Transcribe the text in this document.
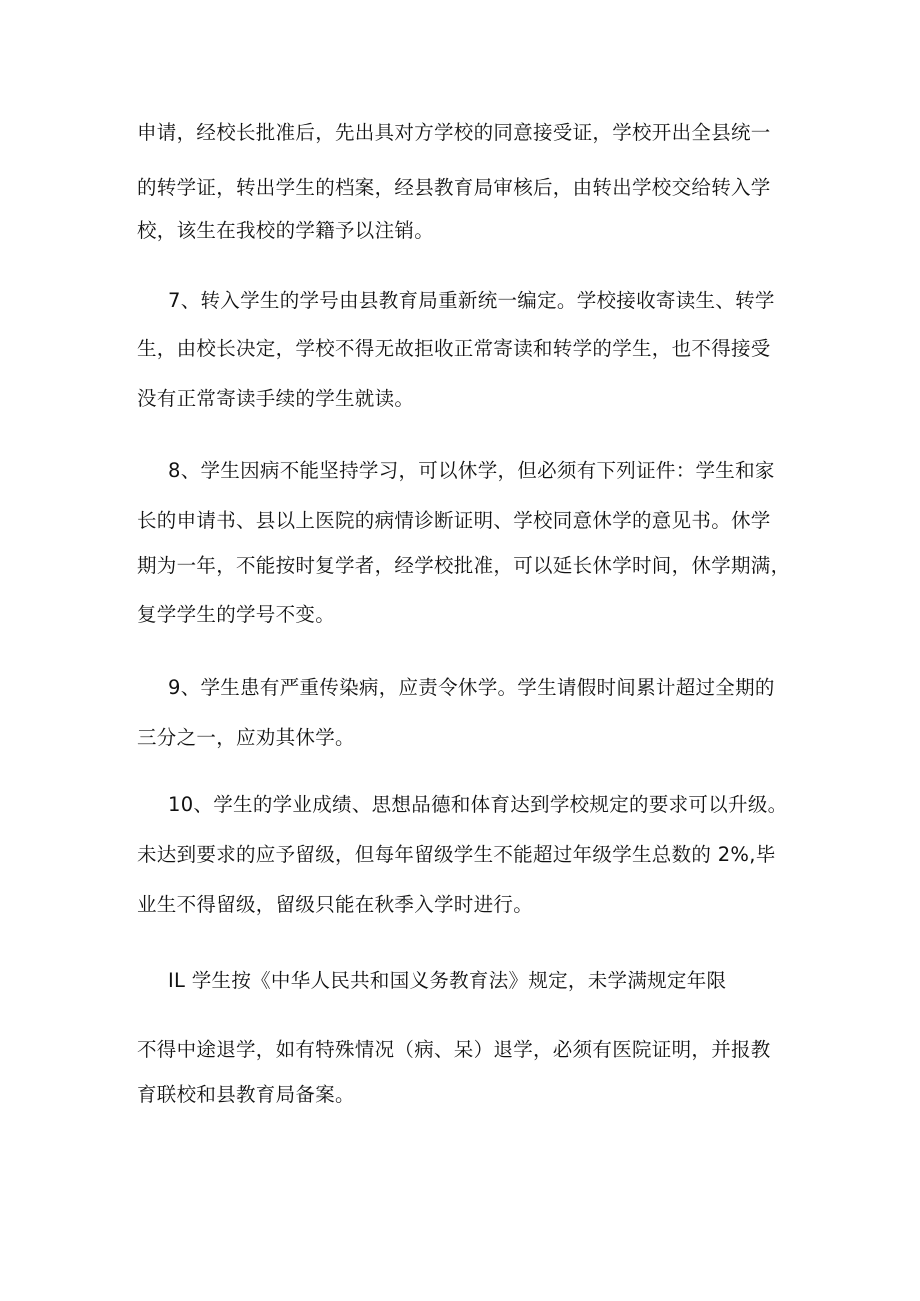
申请，经校长批准后，先出具对方学校的同意接受证，学校开出全县统一
的转学证，转出学生的档案，经县教育局审核后，由转出学校交给转入学
校，该生在我校的学籍予以注销。
7、转入学生的学号由县教育局重新统一编定。学校接收寄读生、转学
生，由校长决定，学校不得无故拒收正常寄读和转学的学生，也不得接受
没有正常寄读手续的学生就读。
8、学生因病不能坚持学习，可以休学，但必须有下列证件：学生和家
长的申请书、县以上医院的病情诊断证明、学校同意休学的意见书。休学
期为一年，不能按时复学者，经学校批准，可以延长休学时间，休学期满，
复学学生的学号不变。
9、学生患有严重传染病，应责令休学。学生请假时间累计超过全期的
三分之一，应劝其休学。
10、学生的学业成绩、思想品德和体育达到学校规定的要求可以升级。
未达到要求的应予留级，但每年留级学生不能超过年级学生总数的 2%,毕
业生不得留级，留级只能在秋季入学时进行。
IL 学生按《中华人民共和国义务教育法》规定，未学满规定年限
不得中途退学，如有特殊情况（病、呆）退学，必须有医院证明，并报教
育联校和县教育局备案。
